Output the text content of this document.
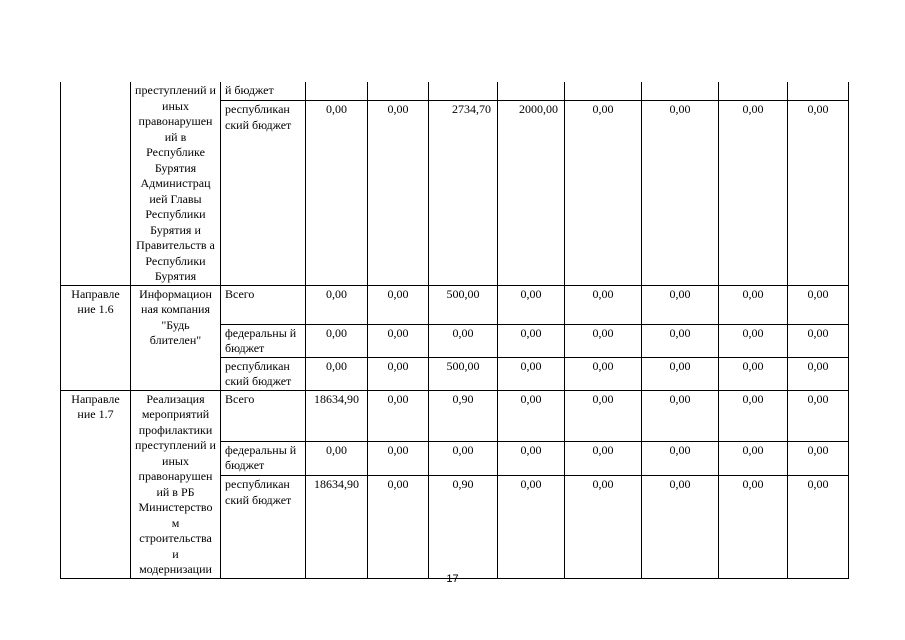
	преступлений и иных правонарушен ий в Республике Бурятия Администрац ией Главы Республики Бурятия и Правительств а Республики Бурятия	й бюджет								
		республикан ский бюджет	0,00	0,00	2734,70	2000,00	0,00	0,00	0,00	0,00
Направле ние 1.6	Информацион ная компания "Будь блителен"	Всего	0,00	0,00	500,00	0,00	0,00	0,00	0,00	0,00
		федеральны й бюджет	0,00	0,00	0,00	0,00	0,00	0,00	0,00	0,00
		республикан ский бюджет	0,00	0,00	500,00	0,00	0,00	0,00	0,00	0,00
Направле ние 1.7	Реализация мероприятий профилактики преступлений и иных правонарушен ий в РБ Министерство м строительства и модернизации	Всего	18634,90	0,00	0,90	0,00	0,00	0,00	0,00	0,00
		федеральны й бюджет	0,00	0,00	0,00	0,00	0,00	0,00	0,00	0,00
		республикан ский бюджет	18634,90	0,00	0,90	0,00	0,00	0,00	0,00	0,00
17
